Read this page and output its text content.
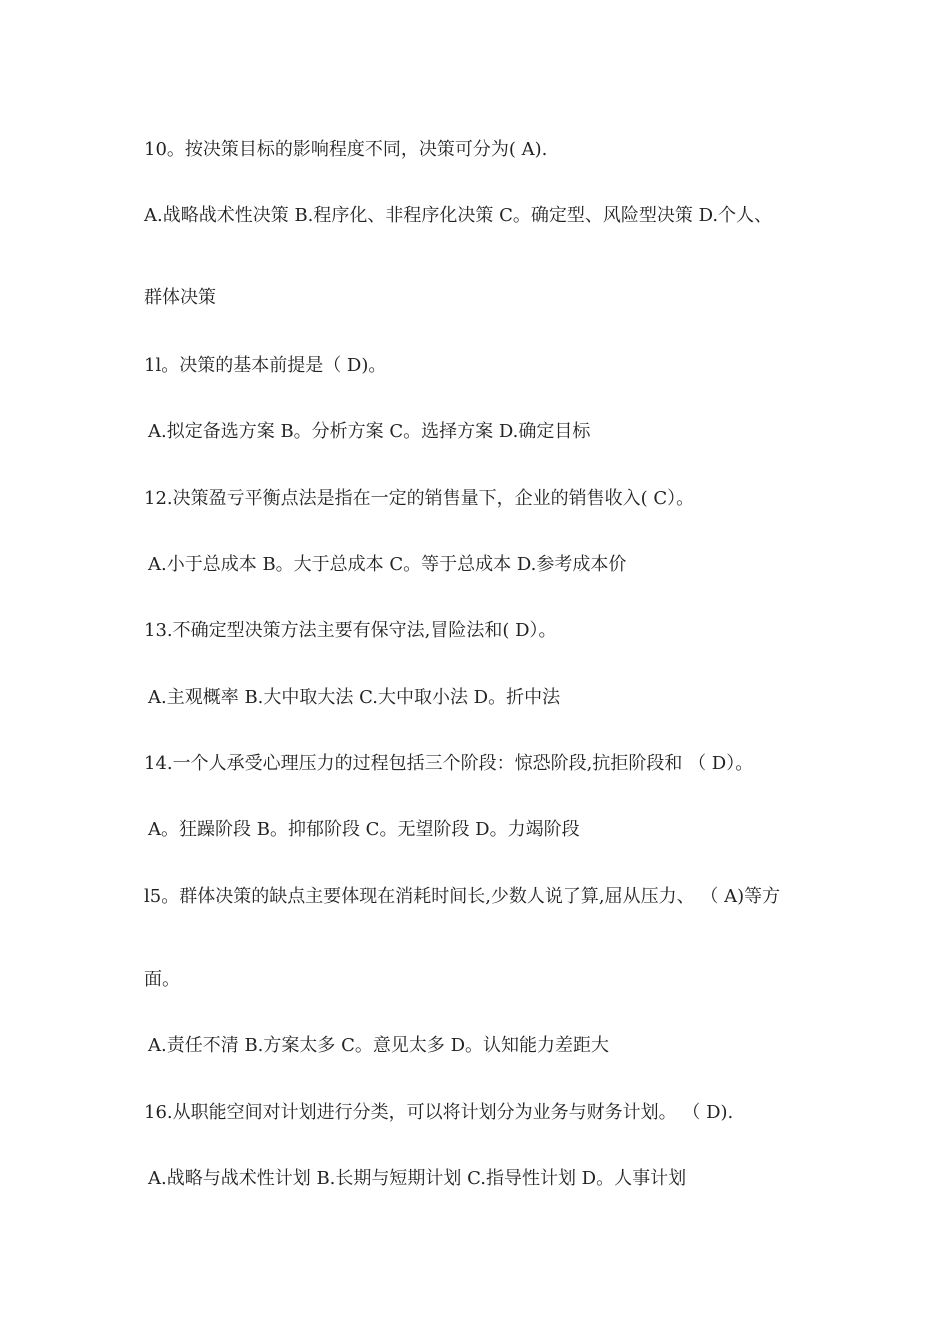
10。按决策目标的影响程度不同，决策可分为( A).
A.战略战术性决策 B.程序化、非程序化决策 C。确定型、风险型决策 D.个人、
群体决策
1l。决策的基本前提是（ D)。
A.拟定备选方案 B。分析方案 C。选择方案 D.确定目标
12.决策盈亏平衡点法是指在一定的销售量下，企业的销售收入( C）。
A.小于总成本 B。大于总成本 C。等于总成本 D.参考成本价
13.不确定型决策方法主要有保守法,冒险法和( D）。
A.主观概率 B.大中取大法 C.大中取小法 D。折中法
14.一个人承受心理压力的过程包括三个阶段：惊恐阶段,抗拒阶段和 （ D）。
A。狂躁阶段 B。抑郁阶段 C。无望阶段 D。力竭阶段
l5。群体决策的缺点主要体现在消耗时间长,少数人说了算,屈从压力、 （ A)等方
面。
A.责任不清 B.方案太多 C。意见太多 D。认知能力差距大
16.从职能空间对计划进行分类，可以将计划分为业务与财务计划。 （ D).
A.战略与战术性计划 B.长期与短期计划 C.指导性计划 D。人事计划
